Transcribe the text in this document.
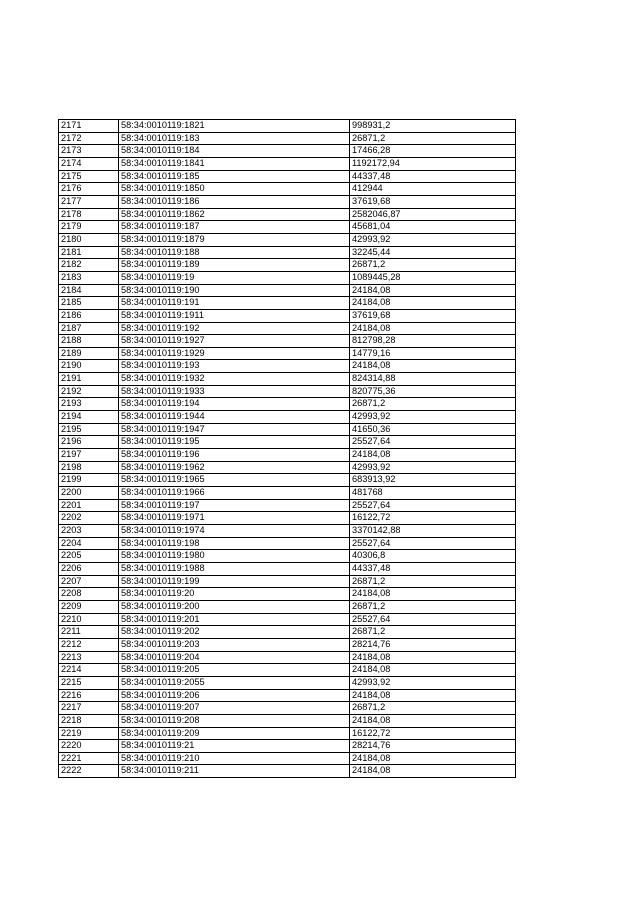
2171	58:34:0010119:1821	998931,2
2172	58:34:0010119:183	26871,2
2173	58:34:0010119:184	17466,28
2174	58:34:0010119:1841	1192172,94
2175	58:34:0010119:185	44337,48
2176	58:34:0010119:1850	412944
2177	58:34:0010119:186	37619,68
2178	58:34:0010119:1862	2582046,87
2179	58:34:0010119:187	45681,04
2180	58:34:0010119:1879	42993,92
2181	58:34:0010119:188	32245,44
2182	58:34:0010119:189	26871,2
2183	58:34:0010119:19	1089445,28
2184	58:34:0010119:190	24184,08
2185	58:34:0010119:191	24184,08
2186	58:34:0010119:1911	37619,68
2187	58:34:0010119:192	24184,08
2188	58:34:0010119:1927	812798,28
2189	58:34:0010119:1929	14779,16
2190	58:34:0010119:193	24184,08
2191	58:34:0010119:1932	824314,88
2192	58:34:0010119:1933	820775,36
2193	58:34:0010119:194	26871,2
2194	58:34:0010119:1944	42993,92
2195	58:34:0010119:1947	41650,36
2196	58:34:0010119:195	25527,64
2197	58:34:0010119:196	24184,08
2198	58:34:0010119:1962	42993,92
2199	58:34:0010119:1965	683913,92
2200	58:34:0010119:1966	481768
2201	58:34:0010119:197	25527,64
2202	58:34:0010119:1971	16122,72
2203	58:34:0010119:1974	3370142,88
2204	58:34:0010119:198	25527,64
2205	58:34:0010119:1980	40306,8
2206	58:34:0010119:1988	44337,48
2207	58:34:0010119:199	26871,2
2208	58:34:0010119:20	24184,08
2209	58:34:0010119:200	26871,2
2210	58:34:0010119:201	25527,64
2211	58:34:0010119:202	26871,2
2212	58:34:0010119:203	28214,76
2213	58:34:0010119:204	24184,08
2214	58:34:0010119:205	24184,08
2215	58:34:0010119:2055	42993,92
2216	58:34:0010119:206	24184,08
2217	58:34:0010119:207	26871,2
2218	58:34:0010119:208	24184,08
2219	58:34:0010119:209	16122,72
2220	58:34:0010119:21	28214,76
2221	58:34:0010119:210	24184,08
2222	58:34:0010119:211	24184,08
